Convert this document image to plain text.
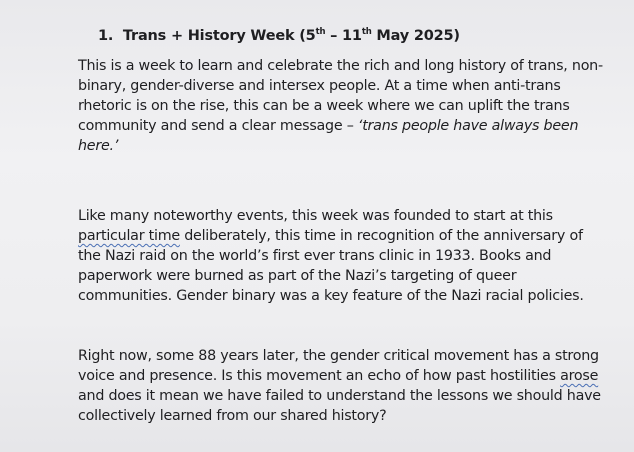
1. Trans + History Week (5th – 11th May 2025)
This is a week to learn and celebrate the rich and long history of trans, non-
binary, gender-diverse and intersex people. At a time when anti-trans
rhetoric is on the rise, this can be a week where we can uplift the trans
community and send a clear message – ‘trans people have always been
here.’
Like many noteworthy events, this week was founded to start at this
particular time deliberately, this time in recognition of the anniversary of
the Nazi raid on the world’s first ever trans clinic in 1933. Books and
paperwork were burned as part of the Nazi’s targeting of queer
communities. Gender binary was a key feature of the Nazi racial policies.
Right now, some 88 years later, the gender critical movement has a strong
voice and presence. Is this movement an echo of how past hostilities arose
and does it mean we have failed to understand the lessons we should have
collectively learned from our shared history?
